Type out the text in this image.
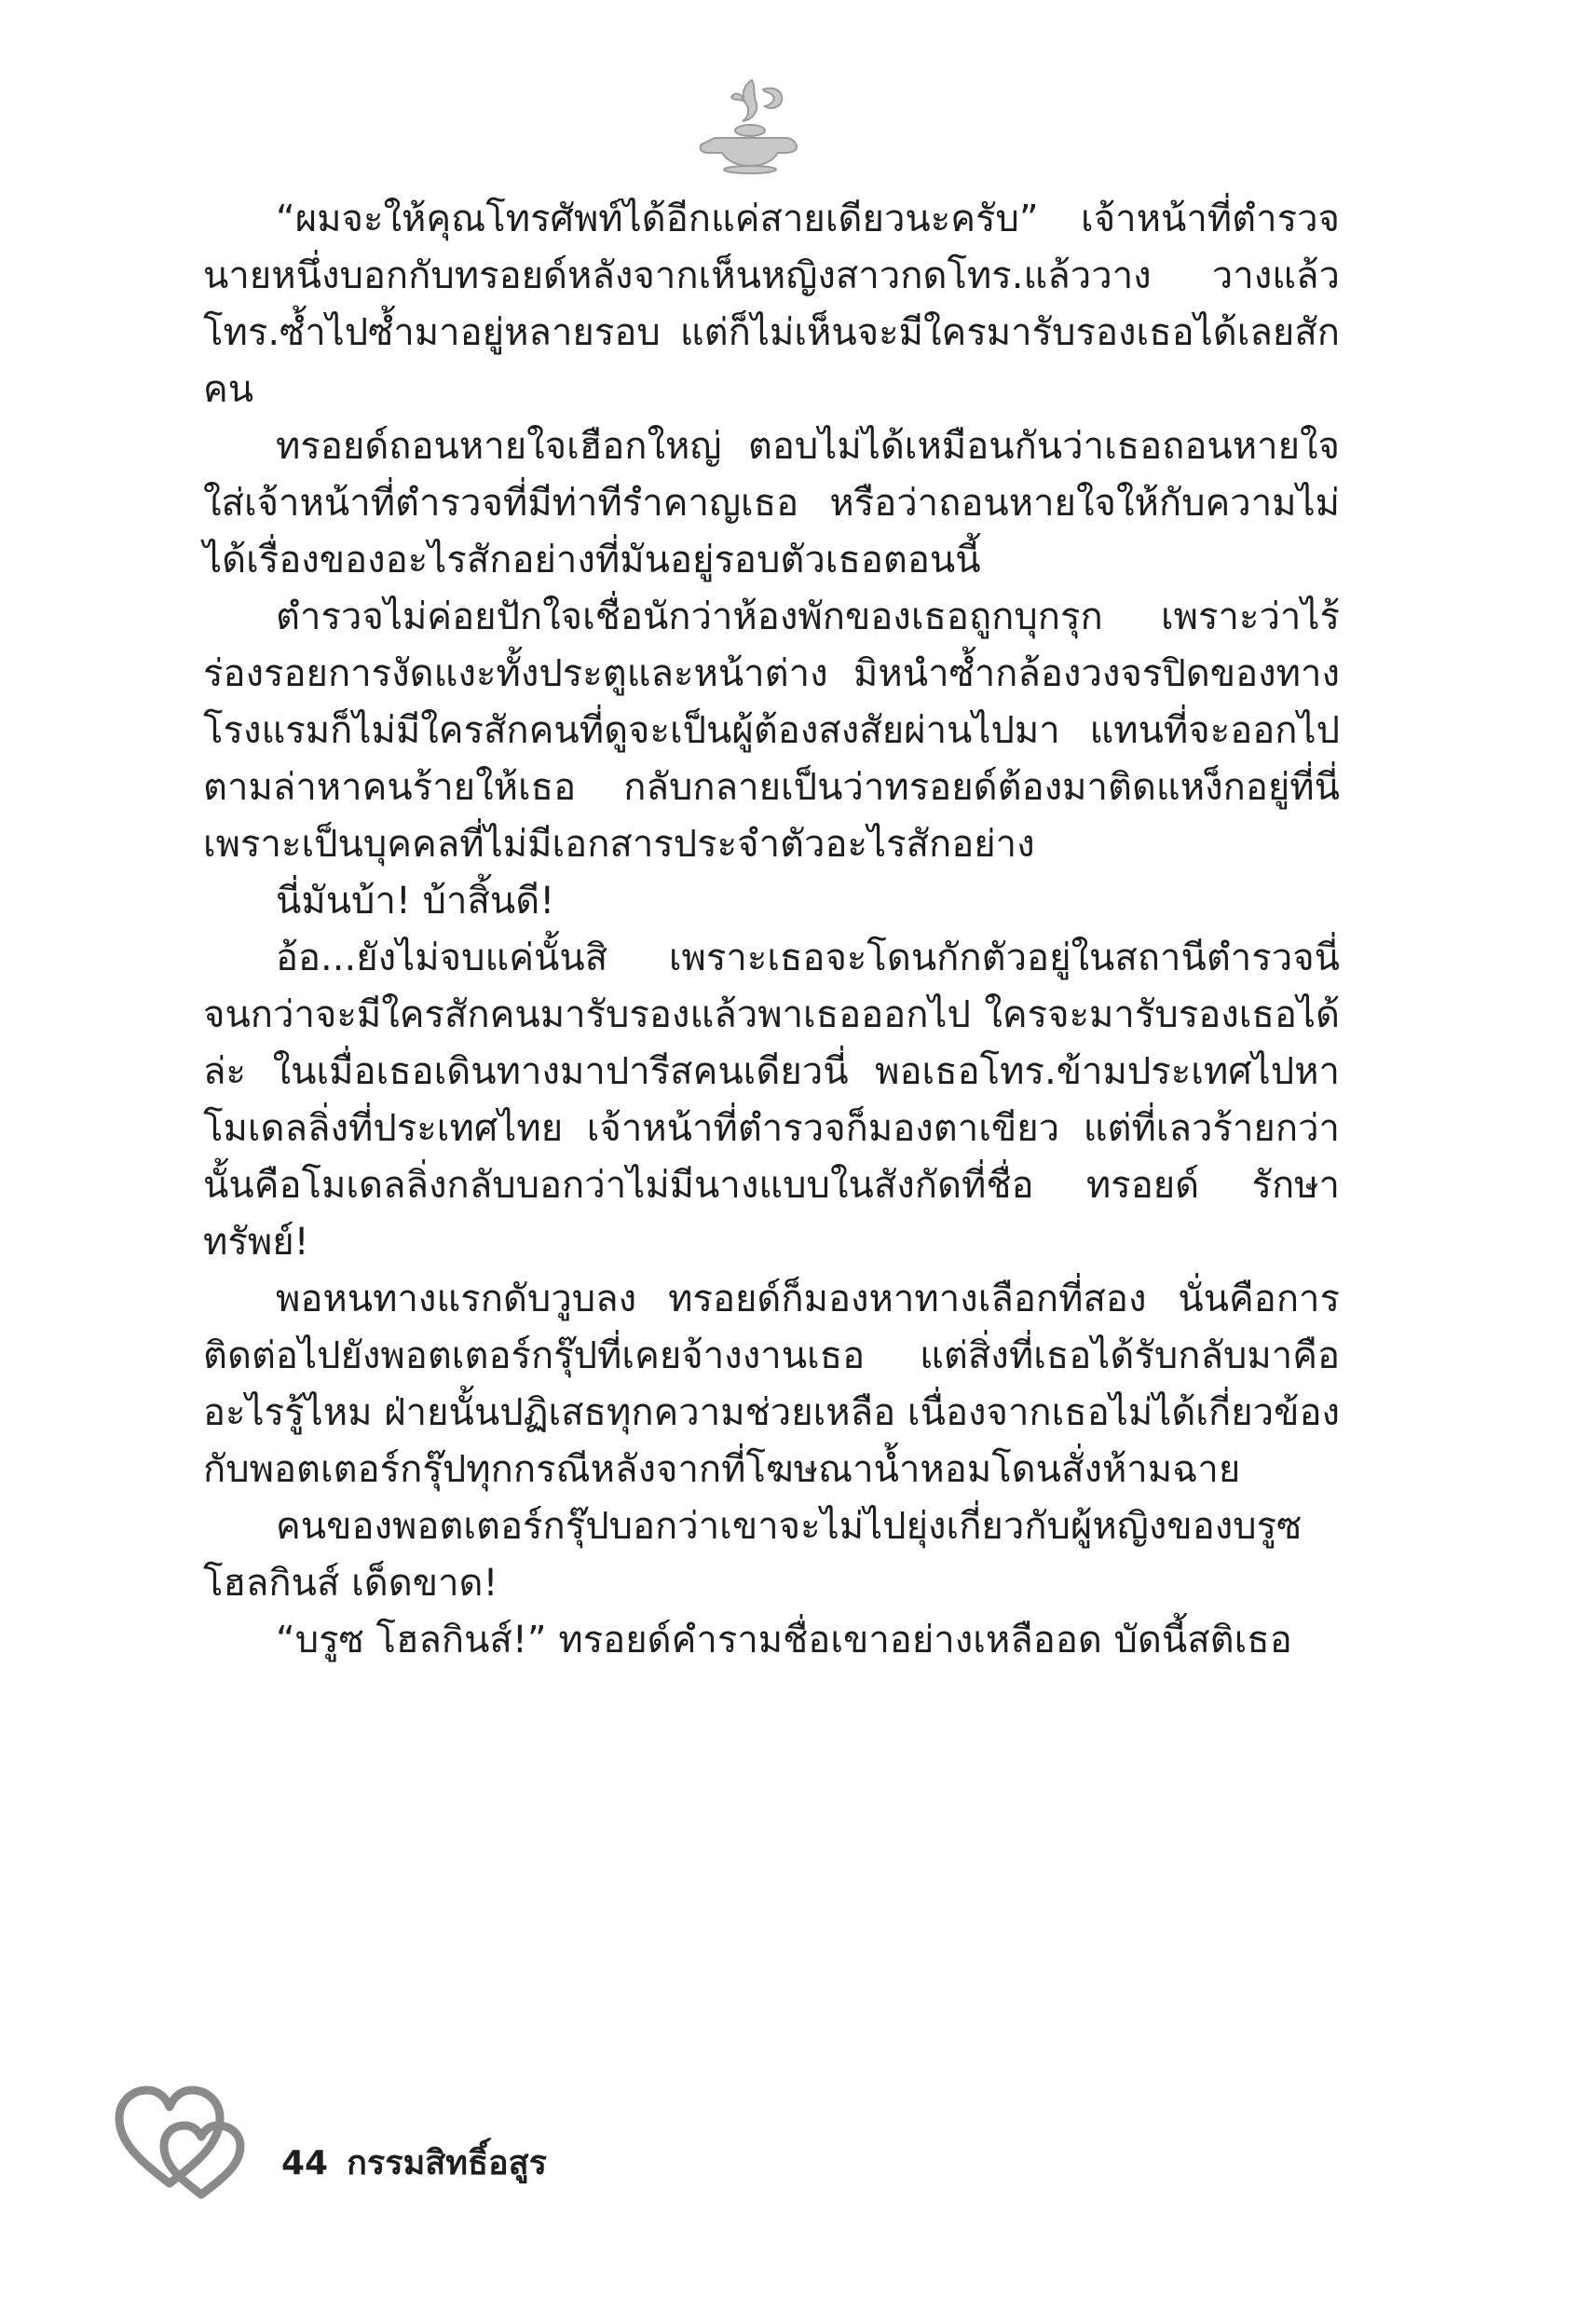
“ผมจะให้คุณโทรศัพท์ได้อีกแค่สายเดียวนะครับ” เจ้าหน้าที่ตำรวจนายหนึ่งบอกกับทรอยด์หลังจากเห็นหญิงสาวกดโทร.แล้ววาง วางแล้วโทร.ซ้ำไปซ้ำมาอยู่หลายรอบ แต่ก็ไม่เห็นจะมีใครมารับรองเธอได้เลยสักคน

ทรอยด์ถอนหายใจเฮือกใหญ่ ตอบไม่ได้เหมือนกันว่าเธอถอนหายใจใส่เจ้าหน้าที่ตำรวจที่มีท่าทีรำคาญเธอ หรือว่าถอนหายใจให้กับความไม่ได้เรื่องของอะไรสักอย่างที่มันอยู่รอบตัวเธอตอนนี้

ตำรวจไม่ค่อยปักใจเชื่อนักว่าห้องพักของเธอถูกบุกรุก เพราะว่าไร้ร่องรอยการงัดแงะทั้งประตูและหน้าต่าง มิหนำซ้ำกล้องวงจรปิดของทางโรงแรมก็ไม่มีใครสักคนที่ดูจะเป็นผู้ต้องสงสัยผ่านไปมา แทนที่จะออกไปตามล่าหาคนร้ายให้เธอ กลับกลายเป็นว่าทรอยด์ต้องมาติดแหง็กอยู่ที่นี่เพราะเป็นบุคคลที่ไม่มีเอกสารประจำตัวอะไรสักอย่าง

นี่มันบ้า! บ้าสิ้นดี!

อ้อ...ยังไม่จบแค่นั้นสิ เพราะเธอจะโดนกักตัวอยู่ในสถานีตำรวจนี่จนกว่าจะมีใครสักคนมารับรองแล้วพาเธอออกไป ใครจะมารับรองเธอได้ล่ะ ในเมื่อเธอเดินทางมาปารีสคนเดียวนี่ พอเธอโทร.ข้ามประเทศไปหาโมเดลลิ่งที่ประเทศไทย เจ้าหน้าที่ตำรวจก็มองตาเขียว แต่ที่เลวร้ายกว่านั้นคือโมเดลลิ่งกลับบอกว่าไม่มีนางแบบในสังกัดที่ชื่อ ทรอยด์ รักษาทรัพย์!

พอหนทางแรกดับวูบลง ทรอยด์ก็มองหาทางเลือกที่สอง นั่นคือการติดต่อไปยังพอตเตอร์กรุ๊ปที่เคยจ้างงานเธอ แต่สิ่งที่เธอได้รับกลับมาคืออะไรรู้ไหม ฝ่ายนั้นปฏิเสธทุกความช่วยเหลือ เนื่องจากเธอไม่ได้เกี่ยวข้องกับพอตเตอร์กรุ๊ปทุกกรณีหลังจากที่โฆษณาน้ำหอมโดนสั่งห้ามฉาย

คนของพอตเตอร์กรุ๊ปบอกว่าเขาจะไม่ไปยุ่งเกี่ยวกับผู้หญิงของบรูซ โฮลกินส์ เด็ดขาด!

“บรูซ โฮลกินส์!” ทรอยด์คำรามชื่อเขาอย่างเหลืออด บัดนี้สติเธอ

44 กรรมสิทธิ์อสูร
